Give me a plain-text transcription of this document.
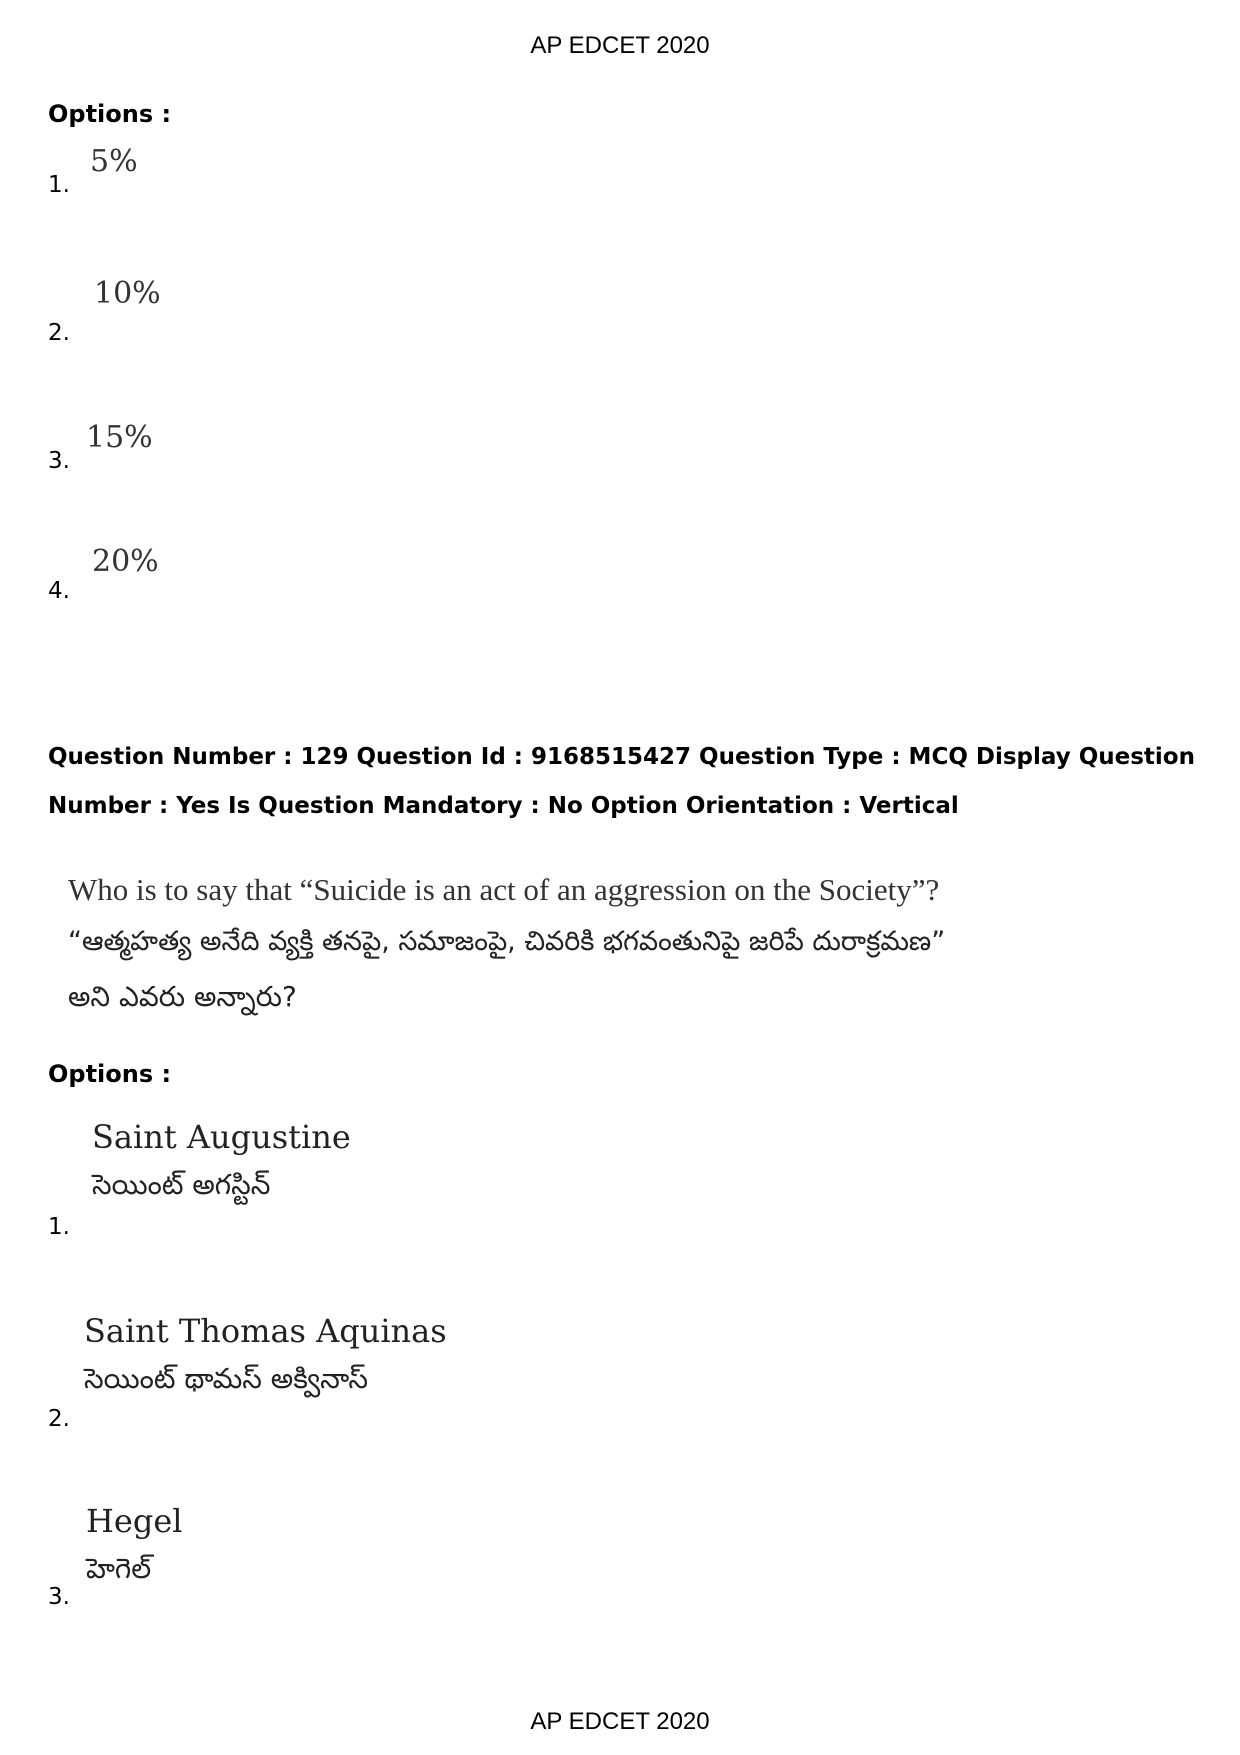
AP EDCET 2020
Options :
1.
5%
2.
10%
3.
15%
4.
20%
Question Number : 129 Question Id : 9168515427 Question Type : MCQ Display Question
Number : Yes Is Question Mandatory : No Option Orientation : Vertical
Who is to say that “Suicide is an act of an aggression on the Society”?
“ఆత్మహత్య అనేది వ్యక్తి తనపై, సమాజంపై, చివరికి భగవంతునిపై జరిపే దురాక్రమణ”
అని ఎవరు అన్నారు?
Options :
Saint Augustine
సెయింట్ అగస్టిన్
1.
Saint Thomas Aquinas
సెయింట్ థామస్ అక్వినాస్
2.
Hegel
హెగెల్
3.
AP EDCET 2020
